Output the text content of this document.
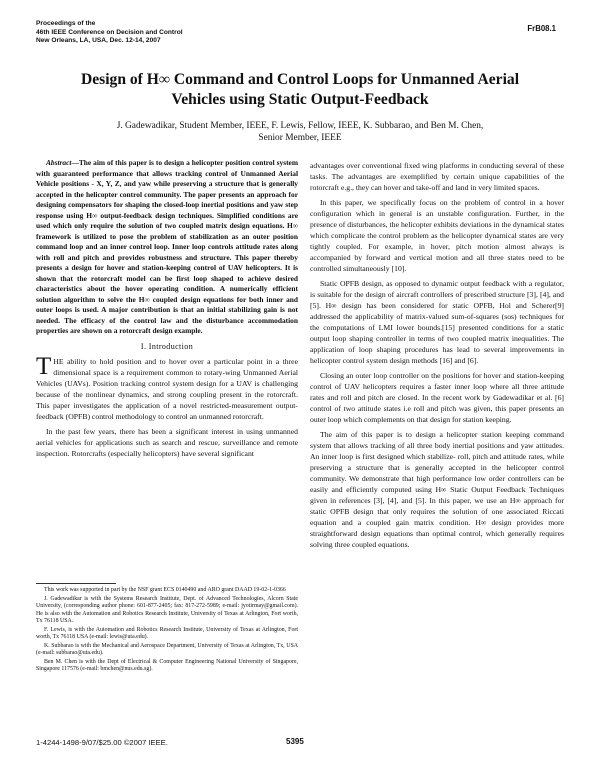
Proceedings of the
46th IEEE Conference on Decision and Control
New Orleans, LA, USA, Dec. 12-14, 2007
FrB08.1
Design of H∞ Command and Control Loops for Unmanned Aerial
Vehicles using Static Output-Feedback
J. Gadewadikar, Student Member, IEEE, F. Lewis, Fellow, IEEE, K. Subbarao, and Ben M. Chen,
Senior Member, IEEE

Abstract—The aim of this paper is to design a helicopter position control system with guaranteed performance that allows tracking control of Unmanned Aerial Vehicle positions - X, Y, Z, and yaw while preserving a structure that is generally accepted in the helicopter control community. The paper presents an approach for designing compensators for shaping the closed-loop inertial positions and yaw step response using H∞ output-feedback design techniques. Simplified conditions are used which only require the solution of two coupled matrix design equations. H∞ framework is utilized to pose the problem of stabilization as an outer position command loop and an inner control loop. Inner loop controls attitude rates along with roll and pitch and provides robustness and structure. This paper thereby presents a design for hover and station-keeping control of UAV helicopters. It is shown that the rotorcraft model can be first loop shaped to achieve desired characteristics about the hover operating condition. A numerically efficient solution algorithm to solve the H∞ coupled design equations for both inner and outer loops is used. A major contribution is that an initial stabilizing gain is not needed. The efficacy of the control law and the disturbance accommodation properties are shown on a rotorcraft design example.

I. Introduction

THE ability to hold position and to hover over a particular point in a three dimensional space is a requirement common to rotary-wing Unmanned Aerial Vehicles (UAVs). Position tracking control system design for a UAV is challenging because of the nonlinear dynamics, and strong coupling present in the rotorcraft. This paper investigates the application of a novel restricted-measurement output-feedback (OPFB) control methodology to control an unmanned rotorcraft.

In the past few years, there has been a significant interest in using unmanned aerial vehicles for applications such as search and rescue, surveillance and remote inspection. Rotorcrafts (especially helicopters) have several significant

This work was supported in part by the NSF grant ECS 0140490 and ARO grant DAAD 19-02-1-0366

J. Gadewadikar is with the Systems Research Institute, Dept. of Advanced Technologies, Alcorn State University, (corresponding author phone: 601-877-2405; fax: 817-272-5989; e-mail: jyotirmay@gmail.com). He is also with the Automation and Robotics Research Institute, University of Texas at Arlington, Fort worth, Tx 76118 USA.

F. Lewis, is with the Automation and Robotics Research Institute, University of Texas at Arlington, Fort worth, Tx 76118 USA (e-mail: lewis@uta.edu).

K. Subbarao is with the Mechanical and Aerospace Department, University of Texas at Arlington, Tx, USA (e-mail: subbarao@uta.edu).

Ben M. Chen is with the Dept of Electrical & Computer Engineering National University of Singapore, Singapore 117576 (e-mail: bmchen@nus.edu.sg).

advantages over conventional fixed wing platforms in conducting several of these tasks. The advantages are exemplified by certain unique capabilities of the rotorcraft e.g., they can hover and take-off and land in very limited spaces.

In this paper, we specifically focus on the problem of control in a hover configuration which in general is an unstable configuration. Further, in the presence of disturbances, the helicopter exhibits deviations in the dynamical states which complicate the control problem as the helicopter dynamical states are very tightly coupled. For example, in hover, pitch motion almost always is accompanied by forward and vertical motion and all three states need to be controlled simultaneously [10].

Static OPFB design, as opposed to dynamic output feedback with a regulator, is suitable for the design of aircraft controllers of prescribed structure [3], [4], and [5]. H∞ design has been considered for static OPFB, Hol and Scherer[9] addressed the applicability of matrix-valued sum-of-squares (sos) techniques for the computations of LMI lower bounds.[15] presented conditions for a static output loop shaping controller in terms of two coupled matrix inequalities. The application of loop shaping procedures has lead to several improvements in helicopter control system design methods [16] and [6].

Closing an outer loop controller on the positions for hover and station-keeping control of UAV helicopters requires a faster inner loop where all three attitude rates and roll and pitch are closed. In the recent work by Gadewadikar et al. [6] control of two attitude states i.e roll and pitch was given, this paper presents an outer loop which complements on that design for station keeping.

The aim of this paper is to design a helicopter station keeping command system that allows tracking of all three body inertial positions and yaw attitudes. An inner loop is first designed which stabilize- roll, pitch and attitude rates, while preserving a structure that is generally accepted in the helicopter control community. We demonstrate that high performance low order controllers can be easily and efficiently computed using H∞ Static Output Feedback Techniques given in references [3], [4], and [5]. In this paper, we use an H∞ approach for static OPFB design that only requires the solution of one associated Riccati equation and a coupled gain matrix condition. H∞ design provides more straightforward design equations than optimal control, which generally requires solving three coupled equations.

1-4244-1498-9/07/$25.00 ©2007 IEEE.	5395
